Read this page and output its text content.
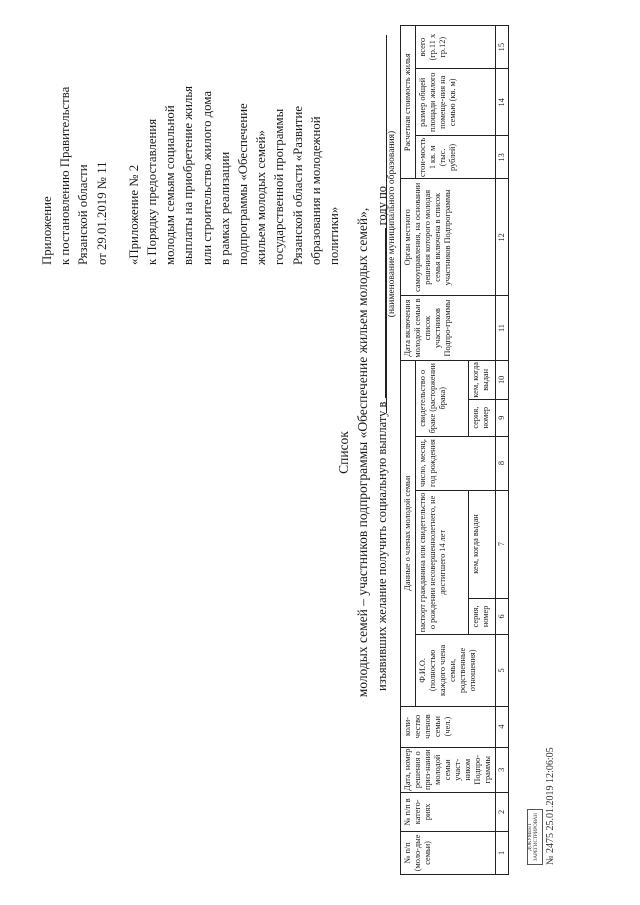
Приложение к постановлению Правительства Рязанской области от 29.01.2019 № 11 «Приложение № 2 к Порядку предоставления молодым семьям социальной выплаты на приобретение жилья или строительство жилого дома в рамках реализации подпрограммы «Обеспечение жильем молодых семей» государственной программы Рязанской области «Развитие образования и молодежной политики»
Список молодых семей – участников подпрограммы «Обеспечение жильем молодых семей», изъявивших желание получить социальную выплату в  году по
(наименование муниципального образования)
№ п/п (моло-дые семьи)	№ п/п в катего-риях	Дата, номер решения о приз-нании молодой семьи участ-ником Подпро-граммы	коли-чество членов семьи (чел.)	Данные о членах молодой семьи						Дата включения молодой семьи в список участников Подпро-граммы	Орган местного самоуправления, на основании решения которого молодая семья включена в список участников Подпрограммы	Расчетная стоимость жилья		
				Ф.И.О. (полностью каждого члена семьи, родственные отношения)	паспорт гражданина или свидетельство о рождении несовершеннолетнего, не достигшего 14 лет		число, месяц, год рождения	свидетельство о браке (расторжении брака)				стои-мость 1 кв. м (тыс. рублей)	размер общей площади жилого помеще-ния на семью (кв. м)	всего (гр.11 x гр.12)
					серия, номер	кем, когда выдан		серия, номер	кем, когда выдан					
1	2	3	4	5	6	7	8	9	10	11	12	13	14	15
ДОКУМЕНТ ЗАРЕГИСТРИРОВАН № 2475 25.01.2019 12:06:05
